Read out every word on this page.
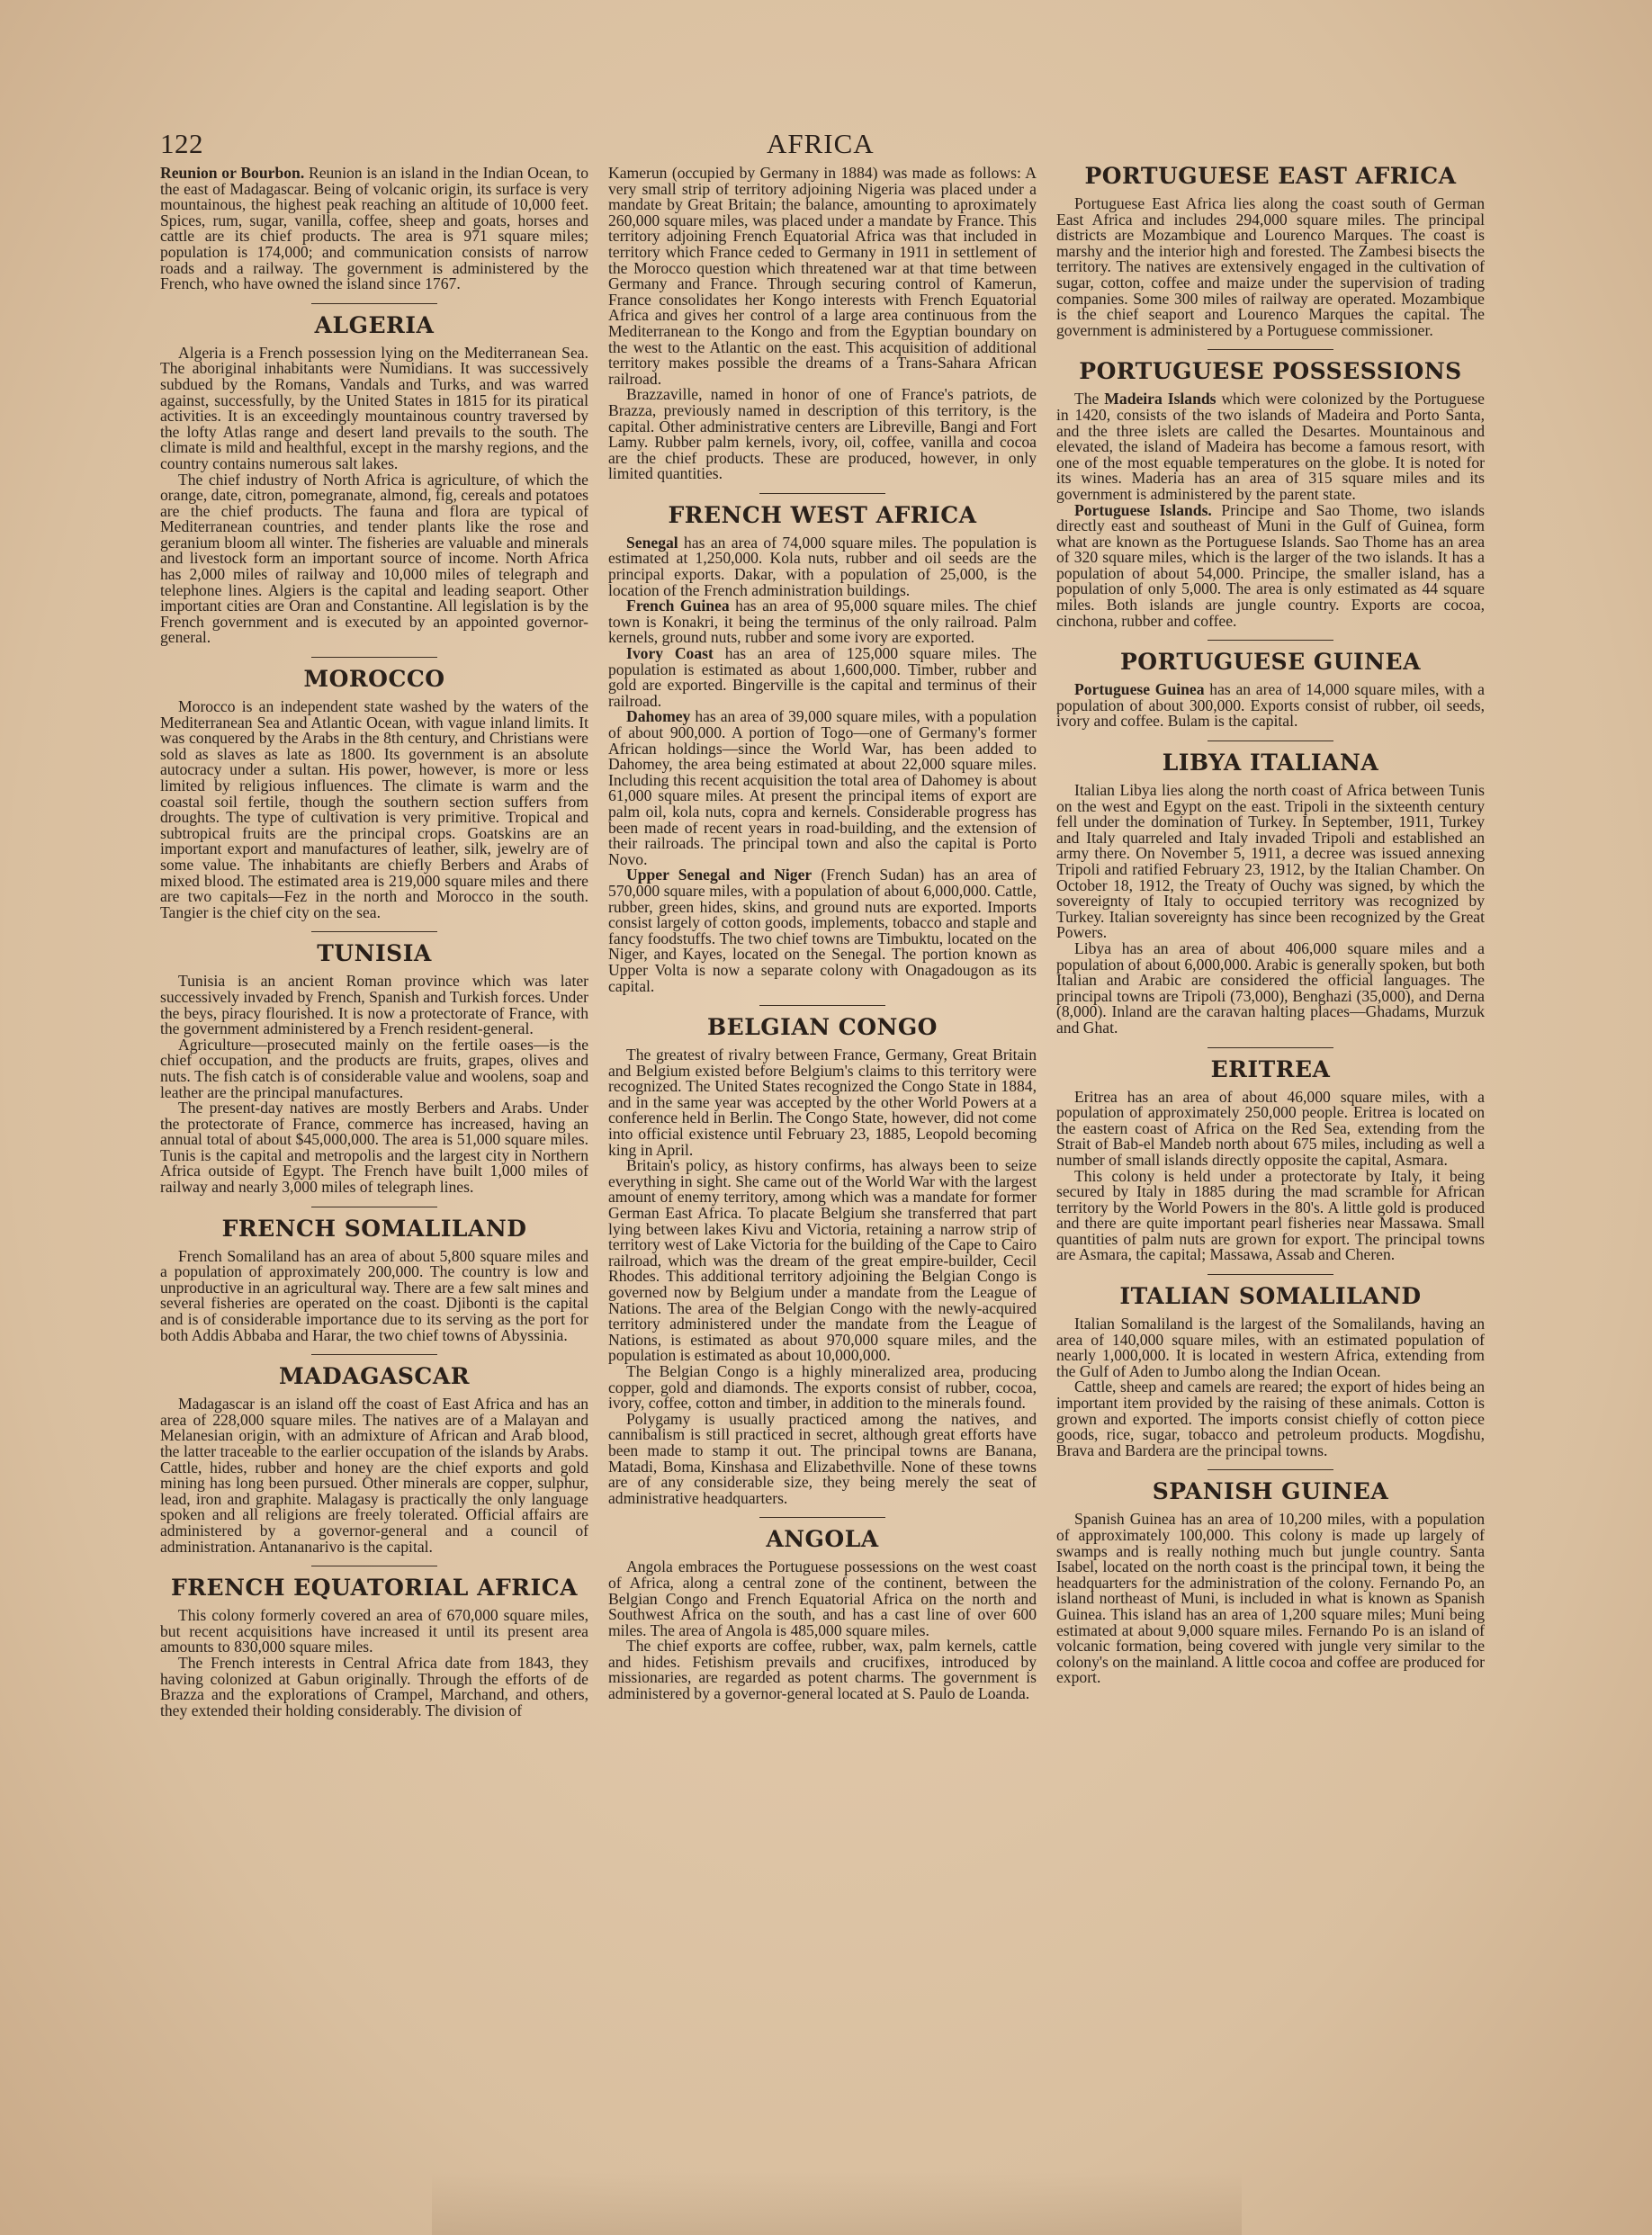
122	AFRICA

Reunion or Bourbon. Reunion is an island in the Indian Ocean, to the east of Madagascar. Being of volcanic origin, its surface is very mountainous, the highest peak reaching an altitude of 10,000 feet. Spices, rum, sugar, vanilla, coffee, sheep and goats, horses and cattle are its chief products. The area is 971 square miles; population is 174,000; and communication consists of narrow roads and a railway. The government is administered by the French, who have owned the island since 1767.

ALGERIA

Algeria is a French possession lying on the Mediterranean Sea. The aboriginal inhabitants were Numidians. It was successively subdued by the Romans, Vandals and Turks, and was warred against, successfully, by the United States in 1815 for its piratical activities. It is an exceedingly mountainous country traversed by the lofty Atlas range and desert land prevails to the south. The climate is mild and healthful, except in the marshy regions, and the country contains numerous salt lakes.

The chief industry of North Africa is agriculture, of which the orange, date, citron, pomegranate, almond, fig, cereals and potatoes are the chief products. The fauna and flora are typical of Mediterranean countries, and tender plants like the rose and geranium bloom all winter. The fisheries are valuable and minerals and livestock form an important source of income. North Africa has 2,000 miles of railway and 10,000 miles of telegraph and telephone lines. Algiers is the capital and leading seaport. Other important cities are Oran and Constantine. All legislation is by the French government and is executed by an appointed governor-general.

MOROCCO

Morocco is an independent state washed by the waters of the Mediterranean Sea and Atlantic Ocean, with vague inland limits. It was conquered by the Arabs in the 8th century, and Christians were sold as slaves as late as 1800. Its government is an absolute autocracy under a sultan. His power, however, is more or less limited by religious influences. The climate is warm and the coastal soil fertile, though the southern section suffers from droughts. The type of cultivation is very primitive. Tropical and subtropical fruits are the principal crops. Goatskins are an important export and manufactures of leather, silk, jewelry are of some value. The inhabitants are chiefly Berbers and Arabs of mixed blood. The estimated area is 219,000 square miles and there are two capitals—Fez in the north and Morocco in the south. Tangier is the chief city on the sea.

TUNISIA

Tunisia is an ancient Roman province which was later successively invaded by French, Spanish and Turkish forces. Under the beys, piracy flourished. It is now a protectorate of France, with the government administered by a French resident-general.

Agriculture—prosecuted mainly on the fertile oases—is the chief occupation, and the products are fruits, grapes, olives and nuts. The fish catch is of considerable value and woolens, soap and leather are the principal manufactures.

The present-day natives are mostly Berbers and Arabs. Under the protectorate of France, commerce has increased, having an annual total of about $45,000,000. The area is 51,000 square miles. Tunis is the capital and metropolis and the largest city in Northern Africa outside of Egypt. The French have built 1,000 miles of railway and nearly 3,000 miles of telegraph lines.

FRENCH SOMALILAND

French Somaliland has an area of about 5,800 square miles and a population of approximately 200,000. The country is low and unproductive in an agricultural way. There are a few salt mines and several fisheries are operated on the coast. Djibonti is the capital and is of considerable importance due to its serving as the port for both Addis Abbaba and Harar, the two chief towns of Abyssinia.

MADAGASCAR

Madagascar is an island off the coast of East Africa and has an area of 228,000 square miles. The natives are of a Malayan and Melanesian origin, with an admixture of African and Arab blood, the latter traceable to the earlier occupation of the islands by Arabs. Cattle, hides, rubber and honey are the chief exports and gold mining has long been pursued. Other minerals are copper, sulphur, lead, iron and graphite. Malagasy is practically the only language spoken and all religions are freely tolerated. Official affairs are administered by a governor-general and a council of administration. Antananarivo is the capital.

FRENCH EQUATORIAL AFRICA

This colony formerly covered an area of 670,000 square miles, but recent acquisitions have increased it until its present area amounts to 830,000 square miles.

The French interests in Central Africa date from 1843, they having colonized at Gabun originally. Through the efforts of de Brazza and the explorations of Crampel, Marchand, and others, they extended their holding considerably. The division of

Kamerun (occupied by Germany in 1884) was made as follows: A very small strip of territory adjoining Nigeria was placed under a mandate by Great Britain; the balance, amounting to aproximately 260,000 square miles, was placed under a mandate by France. This territory adjoining French Equatorial Africa was that included in territory which France ceded to Germany in 1911 in settlement of the Morocco question which threatened war at that time between Germany and France. Through securing control of Kamerun, France consolidates her Kongo interests with French Equatorial Africa and gives her control of a large area continuous from the Mediterranean to the Kongo and from the Egyptian boundary on the west to the Atlantic on the east. This acquisition of additional territory makes possible the dreams of a Trans-Sahara African railroad.

Brazzaville, named in honor of one of France's patriots, de Brazza, previously named in description of this territory, is the capital. Other administrative centers are Libreville, Bangi and Fort Lamy. Rubber palm kernels, ivory, oil, coffee, vanilla and cocoa are the chief products. These are produced, however, in only limited quantities.

FRENCH WEST AFRICA

Senegal has an area of 74,000 square miles. The population is estimated at 1,250,000. Kola nuts, rubber and oil seeds are the principal exports. Dakar, with a population of 25,000, is the location of the French administration buildings.

French Guinea has an area of 95,000 square miles. The chief town is Konakri, it being the terminus of the only railroad. Palm kernels, ground nuts, rubber and some ivory are exported.

Ivory Coast has an area of 125,000 square miles. The population is estimated as about 1,600,000. Timber, rubber and gold are exported. Bingerville is the capital and terminus of their railroad.

Dahomey has an area of 39,000 square miles, with a population of about 900,000. A portion of Togo—one of Germany's former African holdings—since the World War, has been added to Dahomey, the area being estimated at about 22,000 square miles. Including this recent acquisition the total area of Dahomey is about 61,000 square miles. At present the principal items of export are palm oil, kola nuts, copra and kernels. Considerable progress has been made of recent years in road-building, and the extension of their railroads. The principal town and also the capital is Porto Novo.

Upper Senegal and Niger (French Sudan) has an area of 570,000 square miles, with a population of about 6,000,000. Cattle, rubber, green hides, skins, and ground nuts are exported. Imports consist largely of cotton goods, implements, tobacco and staple and fancy foodstuffs. The two chief towns are Timbuktu, located on the Niger, and Kayes, located on the Senegal. The portion known as Upper Volta is now a separate colony with Onagadougon as its capital.

BELGIAN CONGO

The greatest of rivalry between France, Germany, Great Britain and Belgium existed before Belgium's claims to this territory were recognized. The United States recognized the Congo State in 1884, and in the same year was accepted by the other World Powers at a conference held in Berlin. The Congo State, however, did not come into official existence until February 23, 1885, Leopold becoming king in April.

Britain's policy, as history confirms, has always been to seize everything in sight. She came out of the World War with the largest amount of enemy territory, among which was a mandate for former German East Africa. To placate Belgium she transferred that part lying between lakes Kivu and Victoria, retaining a narrow strip of territory west of Lake Victoria for the building of the Cape to Cairo railroad, which was the dream of the great empire-builder, Cecil Rhodes. This additional territory adjoining the Belgian Congo is governed now by Belgium under a mandate from the League of Nations. The area of the Belgian Congo with the newly-acquired territory administered under the mandate from the League of Nations, is estimated as about 970,000 square miles, and the population is estimated as about 10,000,000.

The Belgian Congo is a highly mineralized area, producing copper, gold and diamonds. The exports consist of rubber, cocoa, ivory, coffee, cotton and timber, in addition to the minerals found.

Polygamy is usually practiced among the natives, and cannibalism is still practiced in secret, although great efforts have been made to stamp it out. The principal towns are Banana, Matadi, Boma, Kinshasa and Elizabethville. None of these towns are of any considerable size, they being merely the seat of administrative headquarters.

ANGOLA

Angola embraces the Portuguese possessions on the west coast of Africa, along a central zone of the continent, between the Belgian Congo and French Equatorial Africa on the north and Southwest Africa on the south, and has a cast line of over 600 miles. The area of Angola is 485,000 square miles.

The chief exports are coffee, rubber, wax, palm kernels, cattle and hides. Fetishism prevails and crucifixes, introduced by missionaries, are regarded as potent charms. The government is administered by a governor-general located at S. Paulo de Loanda.

PORTUGUESE EAST AFRICA

Portuguese East Africa lies along the coast south of German East Africa and includes 294,000 square miles. The principal districts are Mozambique and Lourenco Marques. The coast is marshy and the interior high and forested. The Zambesi bisects the territory. The natives are extensively engaged in the cultivation of sugar, cotton, coffee and maize under the supervision of trading companies. Some 300 miles of railway are operated. Mozambique is the chief seaport and Lourenco Marques the capital. The government is administered by a Portuguese commissioner.

PORTUGUESE POSSESSIONS

The Madeira Islands which were colonized by the Portuguese in 1420, consists of the two islands of Madeira and Porto Santa, and the three islets are called the Desartes. Mountainous and elevated, the island of Madeira has become a famous resort, with one of the most equable temperatures on the globe. It is noted for its wines. Maderia has an area of 315 square miles and its government is administered by the parent state.

Portuguese Islands. Principe and Sao Thome, two islands directly east and southeast of Muni in the Gulf of Guinea, form what are known as the Portuguese Islands. Sao Thome has an area of 320 square miles, which is the larger of the two islands. It has a population of about 54,000. Principe, the smaller island, has a population of only 5,000. The area is only estimated as 44 square miles. Both islands are jungle country. Exports are cocoa, cinchona, rubber and coffee.

PORTUGUESE GUINEA

Portuguese Guinea has an area of 14,000 square miles, with a population of about 300,000. Exports consist of rubber, oil seeds, ivory and coffee. Bulam is the capital.

LIBYA ITALIANA

Italian Libya lies along the north coast of Africa between Tunis on the west and Egypt on the east. Tripoli in the sixteenth century fell under the domination of Turkey. In September, 1911, Turkey and Italy quarreled and Italy invaded Tripoli and established an army there. On November 5, 1911, a decree was issued annexing Tripoli and ratified February 23, 1912, by the Italian Chamber. On October 18, 1912, the Treaty of Ouchy was signed, by which the sovereignty of Italy to occupied territory was recognized by Turkey. Italian sovereignty has since been recognized by the Great Powers.

Libya has an area of about 406,000 square miles and a population of about 6,000,000. Arabic is generally spoken, but both Italian and Arabic are considered the official languages. The principal towns are Tripoli (73,000), Benghazi (35,000), and Derna (8,000). Inland are the caravan halting places—Ghadams, Murzuk and Ghat.

ERITREA

Eritrea has an area of about 46,000 square miles, with a population of approximately 250,000 people. Eritrea is located on the eastern coast of Africa on the Red Sea, extending from the Strait of Bab-el Mandeb north about 675 miles, including as well a number of small islands directly opposite the capital, Asmara.

This colony is held under a protectorate by Italy, it being secured by Italy in 1885 during the mad scramble for African territory by the World Powers in the 80's. A little gold is produced and there are quite important pearl fisheries near Massawa. Small quantities of palm nuts are grown for export. The principal towns are Asmara, the capital; Massawa, Assab and Cheren.

ITALIAN SOMALILAND

Italian Somaliland is the largest of the Somalilands, having an area of 140,000 square miles, with an estimated population of nearly 1,000,000. It is located in western Africa, extending from the Gulf of Aden to Jumbo along the Indian Ocean.

Cattle, sheep and camels are reared; the export of hides being an important item provided by the raising of these animals. Cotton is grown and exported. The imports consist chiefly of cotton piece goods, rice, sugar, tobacco and petroleum products. Mogdishu, Brava and Bardera are the principal towns.

SPANISH GUINEA

Spanish Guinea has an area of 10,200 miles, with a population of approximately 100,000. This colony is made up largely of swamps and is really nothing much but jungle country. Santa Isabel, located on the north coast is the principal town, it being the headquarters for the administration of the colony. Fernando Po, an island northeast of Muni, is included in what is known as Spanish Guinea. This island has an area of 1,200 square miles; Muni being estimated at about 9,000 square miles. Fernando Po is an island of volcanic formation, being covered with jungle very similar to the colony's on the mainland. A little cocoa and coffee are produced for export.
